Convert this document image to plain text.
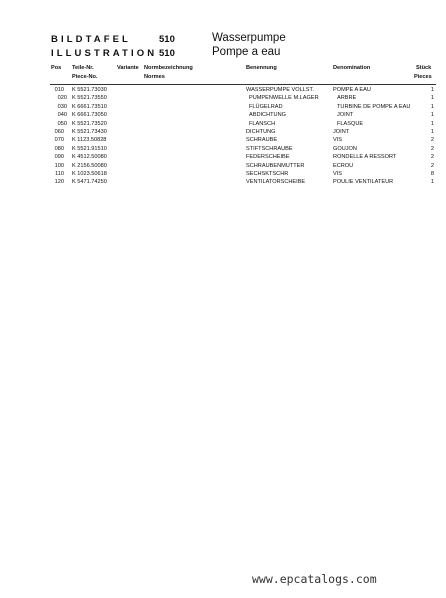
BILDTAFEL	510	Wasserpumpe
ILLUSTRATION 510	Pompe a eau
Pos Teile-Nr.
Piece-No.
Variante Normbezeichnung
Normes
Benennung	Denomination	Stück
Pieces
010 K 5521.73030	WASSERPUMPE VOLLST.	POMPE A EAU	1
020 K 5521.73550	PUMPENWELLE M.LAGER	ARBRE	1
030 K 6661.73510	FLÜGELRAD	TURBINE DE POMPE A EAU	1
040 K 6661.73050	ABDICHTUNG	JOINT	1
050 K 5521.73520	FLANSCH	FLASQUE	1
060 K 5521.73430	DICHTUNG	JOINT	1
070 K 1123.50828	SCHRAUBE	VIS	2
080 K 5521.91510	STIFTSCHRAUBE	GOUJON	2
090 K 4512.50080	FEDERSCHEIBE	RONDELLE A RESSORT	2
100 K 2156.50080	SCHRAUBENMUTTER	ECROU	2
110 K 1023.50618	SECHSKTSCHR	VIS	8
120 K 5471.74250	VENTILATORSCHEIBE	POULIE VENTILATEUR	1
www.epcatalogs.com
